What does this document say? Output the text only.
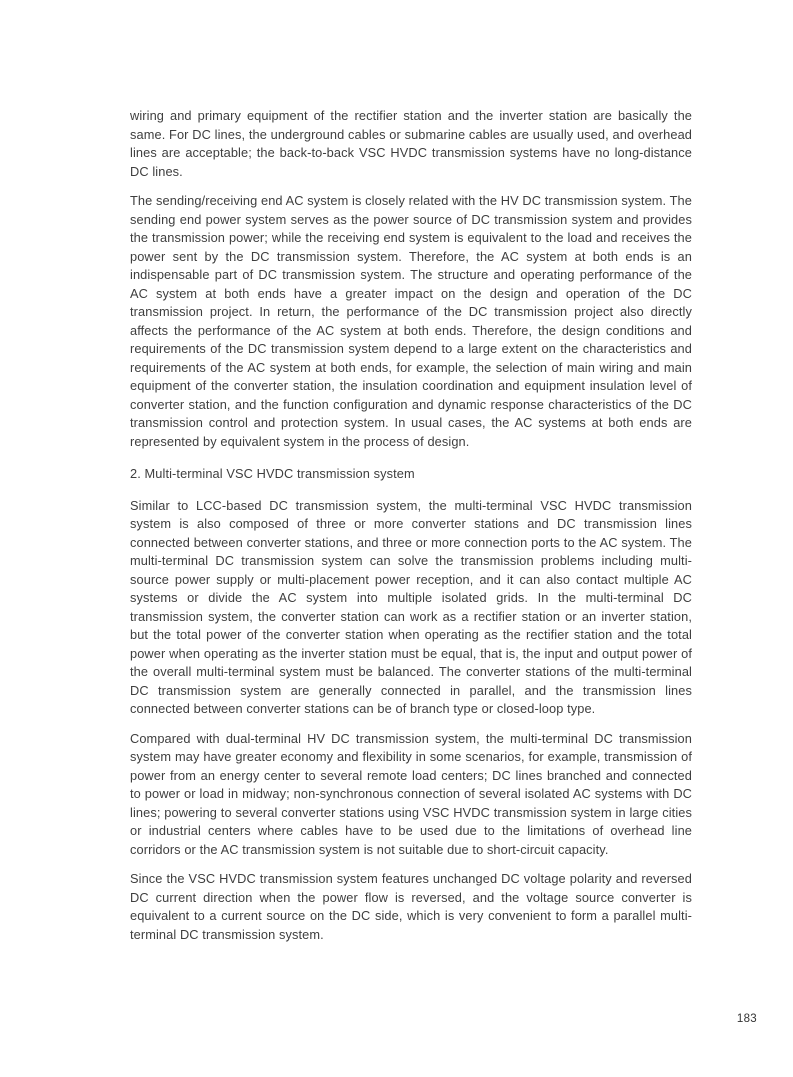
wiring and primary equipment of the rectifier station and the inverter station are basically the same. For DC lines, the underground cables or submarine cables are usually used, and overhead lines are acceptable; the back-to-back VSC HVDC transmission systems have no long-distance DC lines.

The sending/receiving end AC system is closely related with the HV DC transmission system. The sending end power system serves as the power source of DC transmission system and provides the transmission power; while the receiving end system is equivalent to the load and receives the power sent by the DC transmission system. Therefore, the AC system at both ends is an indispensable part of DC transmission system. The structure and operating performance of the AC system at both ends have a greater impact on the design and operation of the DC transmission project. In return, the performance of the DC transmission project also directly affects the performance of the AC system at both ends. Therefore, the design conditions and requirements of the DC transmission system depend to a large extent on the characteristics and requirements of the AC system at both ends, for example, the selection of main wiring and main equipment of the converter station, the insulation coordination and equipment insulation level of converter station, and the function configuration and dynamic response characteristics of the DC transmission control and protection system. In usual cases, the AC systems at both ends are represented by equivalent system in the process of design.

2. Multi-terminal VSC HVDC transmission system

Similar to LCC-based DC transmission system, the multi-terminal VSC HVDC transmission system is also composed of three or more converter stations and DC transmission lines connected between converter stations, and three or more connection ports to the AC system. The multi-terminal DC transmission system can solve the transmission problems including multi-source power supply or multi-placement power reception, and it can also contact multiple AC systems or divide the AC system into multiple isolated grids. In the multi-terminal DC transmission system, the converter station can work as a rectifier station or an inverter station, but the total power of the converter station when operating as the rectifier station and the total power when operating as the inverter station must be equal, that is, the input and output power of the overall multi-terminal system must be balanced. The converter stations of the multi-terminal DC transmission system are generally connected in parallel, and the transmission lines connected between converter stations can be of branch type or closed-loop type.

Compared with dual-terminal HV DC transmission system, the multi-terminal DC transmission system may have greater economy and flexibility in some scenarios, for example, transmission of power from an energy center to several remote load centers; DC lines branched and connected to power or load in midway; non-synchronous connection of several isolated AC systems with DC lines; powering to several converter stations using VSC HVDC transmission system in large cities or industrial centers where cables have to be used due to the limitations of overhead line corridors or the AC transmission system is not suitable due to short-circuit capacity.

Since the VSC HVDC transmission system features unchanged DC voltage polarity and reversed DC current direction when the power flow is reversed, and the voltage source converter is equivalent to a current source on the DC side, which is very convenient to form a parallel multi-terminal DC transmission system.

183
